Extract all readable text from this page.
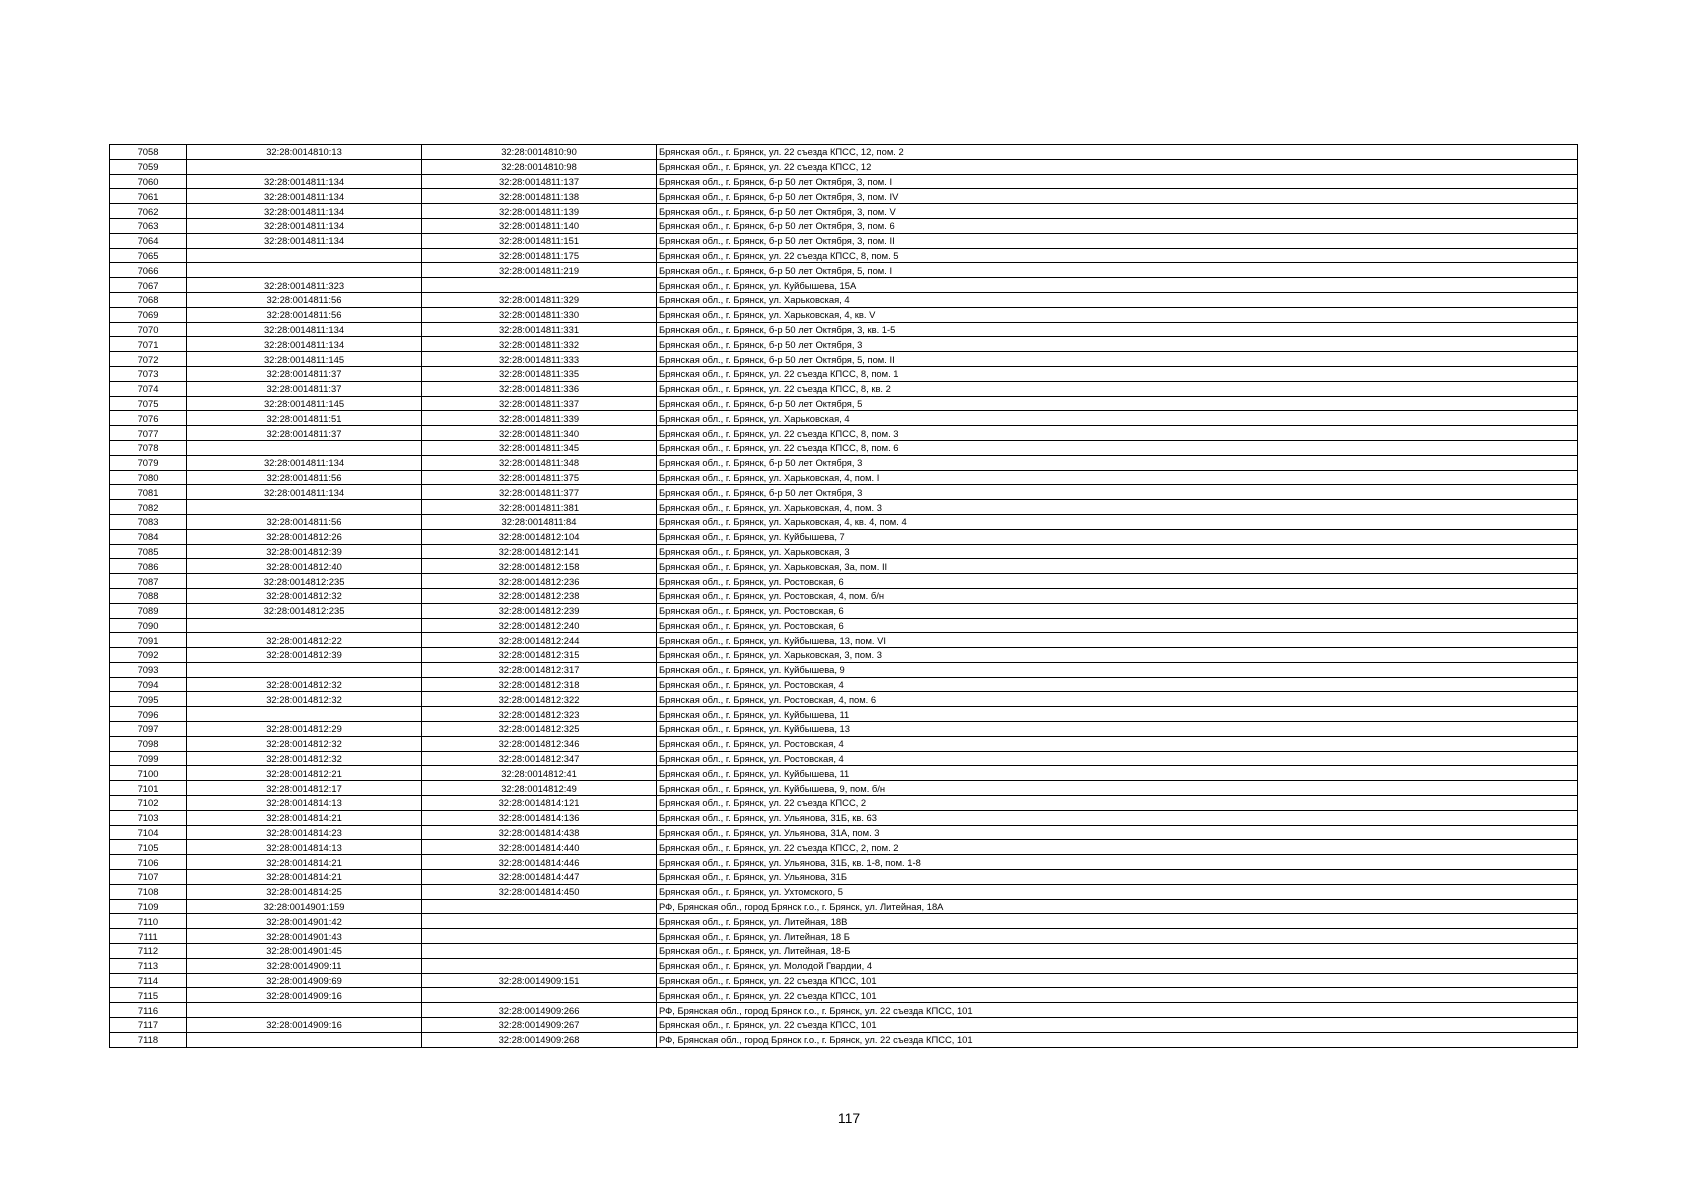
7058	32:28:0014810:13	32:28:0014810:90	Брянская обл., г. Брянск, ул. 22 съезда КПСС, 12, пом. 2
7059		32:28:0014810:98	Брянская обл., г. Брянск, ул. 22 съезда КПСС, 12
7060	32:28:0014811:134	32:28:0014811:137	Брянская обл., г. Брянск, б-р 50 лет Октября, 3, пом. I
7061	32:28:0014811:134	32:28:0014811:138	Брянская обл., г. Брянск, б-р 50 лет Октября, 3, пом. IV
7062	32:28:0014811:134	32:28:0014811:139	Брянская обл., г. Брянск, б-р 50 лет Октября, 3, пом. V
7063	32:28:0014811:134	32:28:0014811:140	Брянская обл., г. Брянск, б-р 50 лет Октября, 3, пом. 6
7064	32:28:0014811:134	32:28:0014811:151	Брянская обл., г. Брянск, б-р 50 лет Октября, 3, пом. II
7065		32:28:0014811:175	Брянская обл., г. Брянск, ул. 22 съезда КПСС, 8, пом. 5
7066		32:28:0014811:219	Брянская обл., г. Брянск, б-р 50 лет Октября, 5, пом. I
7067	32:28:0014811:323		Брянская обл., г. Брянск, ул. Куйбышева, 15А
7068	32:28:0014811:56	32:28:0014811:329	Брянская обл., г. Брянск, ул. Харьковская, 4
7069	32:28:0014811:56	32:28:0014811:330	Брянская обл., г. Брянск, ул. Харьковская, 4, кв. V
7070	32:28:0014811:134	32:28:0014811:331	Брянская обл., г. Брянск, б-р 50 лет Октября, 3, кв. 1-5
7071	32:28:0014811:134	32:28:0014811:332	Брянская обл., г. Брянск, б-р 50 лет Октября, 3
7072	32:28:0014811:145	32:28:0014811:333	Брянская обл., г. Брянск, б-р 50 лет Октября, 5, пом. II
7073	32:28:0014811:37	32:28:0014811:335	Брянская обл., г. Брянск, ул. 22 съезда КПСС, 8, пом. 1
7074	32:28:0014811:37	32:28:0014811:336	Брянская обл., г. Брянск, ул. 22 съезда КПСС, 8, кв. 2
7075	32:28:0014811:145	32:28:0014811:337	Брянская обл., г. Брянск, б-р 50 лет Октября, 5
7076	32:28:0014811:51	32:28:0014811:339	Брянская обл., г. Брянск, ул. Харьковская, 4
7077	32:28:0014811:37	32:28:0014811:340	Брянская обл., г. Брянск, ул. 22 съезда КПСС, 8, пом. 3
7078		32:28:0014811:345	Брянская обл., г. Брянск, ул. 22 съезда КПСС, 8, пом. 6
7079	32:28:0014811:134	32:28:0014811:348	Брянская обл., г. Брянск, б-р 50 лет Октября, 3
7080	32:28:0014811:56	32:28:0014811:375	Брянская обл., г. Брянск, ул. Харьковская, 4, пом. I
7081	32:28:0014811:134	32:28:0014811:377	Брянская обл., г. Брянск, б-р 50 лет Октября, 3
7082		32:28:0014811:381	Брянская обл., г. Брянск, ул. Харьковская, 4, пом. 3
7083	32:28:0014811:56	32:28:0014811:84	Брянская обл., г. Брянск, ул. Харьковская, 4, кв. 4, пом. 4
7084	32:28:0014812:26	32:28:0014812:104	Брянская обл., г. Брянск, ул. Куйбышева, 7
7085	32:28:0014812:39	32:28:0014812:141	Брянская обл., г. Брянск, ул. Харьковская, 3
7086	32:28:0014812:40	32:28:0014812:158	Брянская обл., г. Брянск, ул. Харьковская, 3а, пом. II
7087	32:28:0014812:235	32:28:0014812:236	Брянская обл., г. Брянск, ул. Ростовская, 6
7088	32:28:0014812:32	32:28:0014812:238	Брянская обл., г. Брянск, ул. Ростовская, 4, пом. б/н
7089	32:28:0014812:235	32:28:0014812:239	Брянская обл., г. Брянск, ул. Ростовская, 6
7090		32:28:0014812:240	Брянская обл., г. Брянск, ул. Ростовская, 6
7091	32:28:0014812:22	32:28:0014812:244	Брянская обл., г. Брянск, ул. Куйбышева, 13, пом. VI
7092	32:28:0014812:39	32:28:0014812:315	Брянская обл., г. Брянск, ул. Харьковская, 3, пом. 3
7093		32:28:0014812:317	Брянская обл., г. Брянск, ул. Куйбышева, 9
7094	32:28:0014812:32	32:28:0014812:318	Брянская обл., г. Брянск, ул. Ростовская, 4
7095	32:28:0014812:32	32:28:0014812:322	Брянская обл., г. Брянск, ул. Ростовская, 4, пом. 6
7096		32:28:0014812:323	Брянская обл., г. Брянск, ул. Куйбышева, 11
7097	32:28:0014812:29	32:28:0014812:325	Брянская обл., г. Брянск, ул. Куйбышева, 13
7098	32:28:0014812:32	32:28:0014812:346	Брянская обл., г. Брянск, ул. Ростовская, 4
7099	32:28:0014812:32	32:28:0014812:347	Брянская обл., г. Брянск, ул. Ростовская, 4
7100	32:28:0014812:21	32:28:0014812:41	Брянская обл., г. Брянск, ул. Куйбышева, 11
7101	32:28:0014812:17	32:28:0014812:49	Брянская обл., г. Брянск, ул. Куйбышева, 9, пом. б/н
7102	32:28:0014814:13	32:28:0014814:121	Брянская обл., г. Брянск, ул. 22 съезда КПСС, 2
7103	32:28:0014814:21	32:28:0014814:136	Брянская обл., г. Брянск, ул. Ульянова, 31Б, кв. 63
7104	32:28:0014814:23	32:28:0014814:438	Брянская обл., г. Брянск, ул. Ульянова, 31А, пом. 3
7105	32:28:0014814:13	32:28:0014814:440	Брянская обл., г. Брянск, ул. 22 съезда КПСС, 2, пом. 2
7106	32:28:0014814:21	32:28:0014814:446	Брянская обл., г. Брянск, ул. Ульянова, 31Б, кв. 1-8, пом. 1-8
7107	32:28:0014814:21	32:28:0014814:447	Брянская обл., г. Брянск, ул. Ульянова, 31Б
7108	32:28:0014814:25	32:28:0014814:450	Брянская обл., г. Брянск, ул. Ухтомского, 5
7109	32:28:0014901:159		РФ, Брянская обл., город Брянск г.о., г. Брянск, ул. Литейная, 18А
7110	32:28:0014901:42		Брянская обл., г. Брянск, ул. Литейная, 18В
7111	32:28:0014901:43		Брянская обл., г. Брянск, ул. Литейная, 18 Б
7112	32:28:0014901:45		Брянская обл., г. Брянск, ул. Литейная, 18-Б
7113	32:28:0014909:11		Брянская обл., г. Брянск, ул. Молодой Гвардии, 4
7114	32:28:0014909:69	32:28:0014909:151	Брянская обл., г. Брянск, ул. 22 съезда КПСС, 101
7115	32:28:0014909:16		Брянская обл., г. Брянск, ул. 22 съезда КПСС, 101
7116		32:28:0014909:266	РФ, Брянская обл., город Брянск г.о., г. Брянск, ул. 22 съезда КПСС, 101
7117	32:28:0014909:16	32:28:0014909:267	Брянская обл., г. Брянск, ул. 22 съезда КПСС, 101
7118		32:28:0014909:268	РФ, Брянская обл., город Брянск г.о., г. Брянск, ул. 22 съезда КПСС, 101
117
